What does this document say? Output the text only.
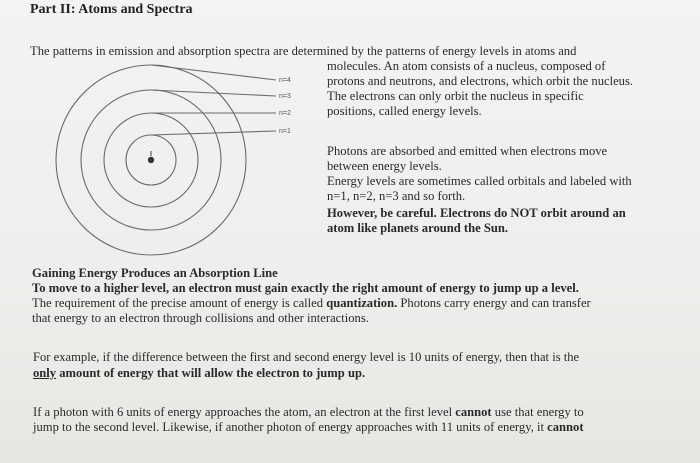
Part II: Atoms and Spectra
n=4
n=3
n=2
n=1
The patterns in emission and absorption spectra are determined by the patterns of energy levels in atoms and
molecules. An atom consists of a nucleus, composed of
protons and neutrons, and electrons, which orbit the nucleus.
The electrons can only orbit the nucleus in specific
positions, called energy levels.
Photons are absorbed and emitted when electrons move
between energy levels.
Energy levels are sometimes called orbitals and labeled with
n=1, n=2, n=3 and so forth.
However, be careful. Electrons do NOT orbit around an
atom like planets around the Sun.
Gaining Energy Produces an Absorption Line
To move to a higher level, an electron must gain exactly the right amount of energy to jump up a level.
The requirement of the precise amount of energy is called quantization. Photons carry energy and can transfer
that energy to an electron through collisions and other interactions.
For example, if the difference between the first and second energy level is 10 units of energy, then that is the
only amount of energy that will allow the electron to jump up.
If a photon with 6 units of energy approaches the atom, an electron at the first level cannot use that energy to
jump to the second level. Likewise, if another photon of energy approaches with 11 units of energy, it cannot
